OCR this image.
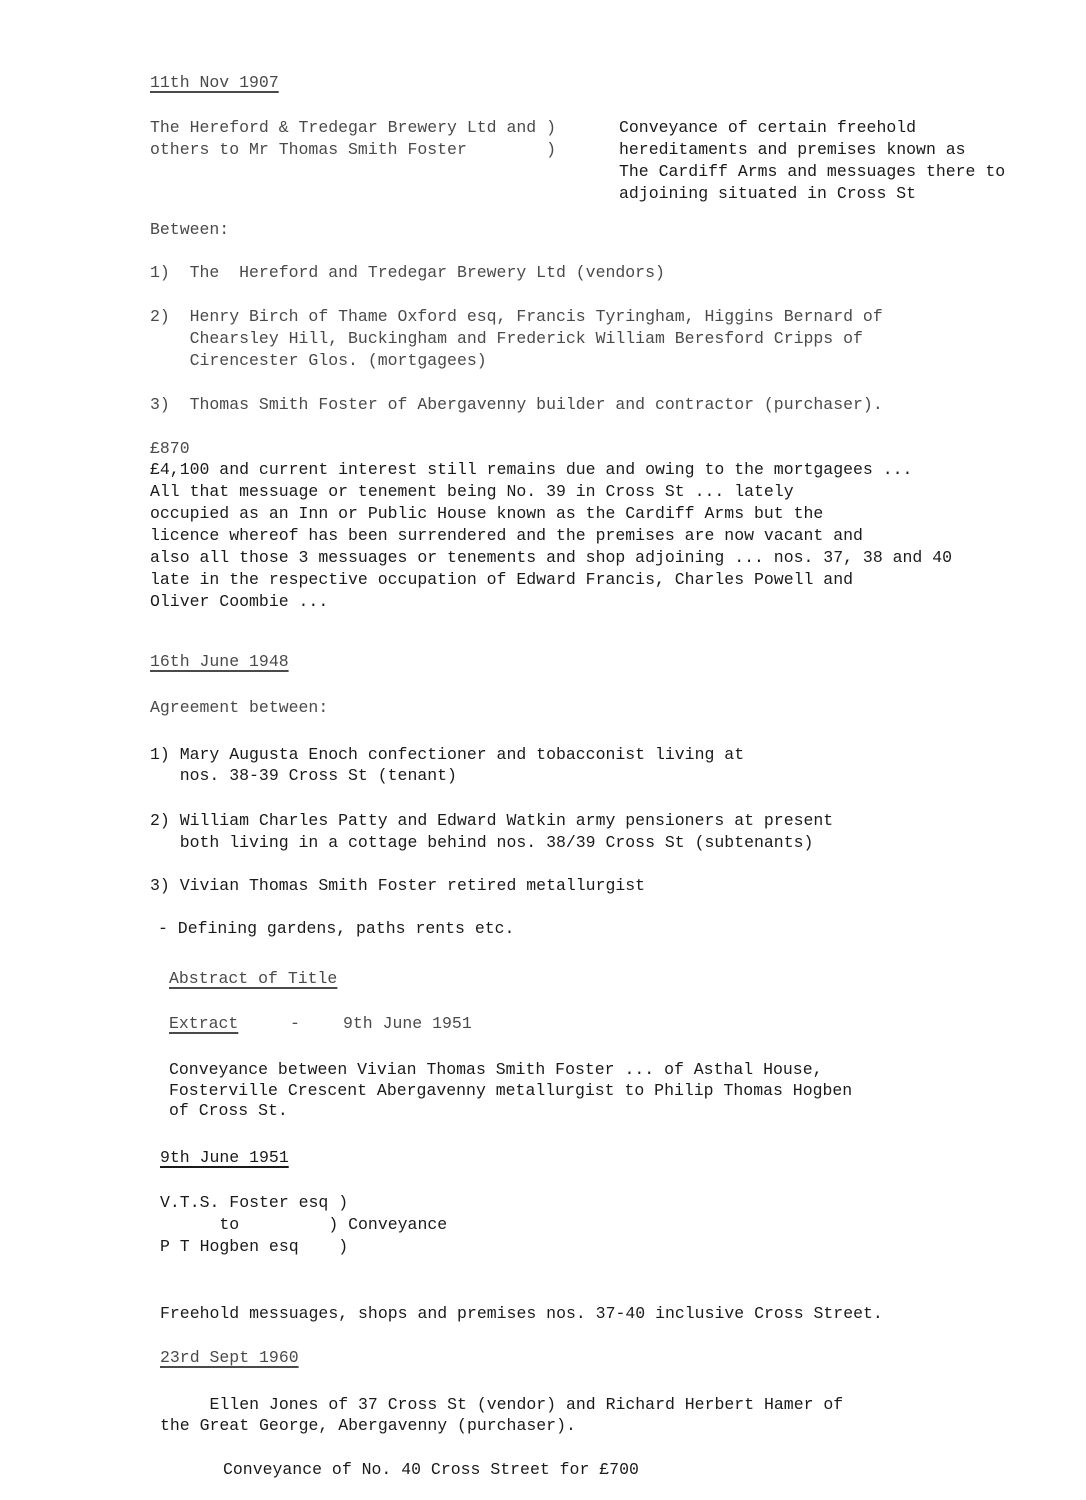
11th Nov 1907
The Hereford & Tredegar Brewery Ltd and )
others to Mr Thomas Smith Foster        )
Conveyance of certain freehold
hereditaments and premises known as
The Cardiff Arms and messuages there to
adjoining situated in Cross St
Between:
1)  The  Hereford and Tredegar Brewery Ltd (vendors)
2)  Henry Birch of Thame Oxford esq, Francis Tyringham, Higgins Bernard of
Chearsley Hill, Buckingham and Frederick William Beresford Cripps of
Cirencester Glos. (mortgagees)
3)  Thomas Smith Foster of Abergavenny builder and contractor (purchaser).
£870
£4,100 and current interest still remains due and owing to the mortgagees ...
All that messuage or tenement being No. 39 in Cross St ... lately
occupied as an Inn or Public House known as the Cardiff Arms but the
licence whereof has been surrendered and the premises are now vacant and
also all those 3 messuages or tenements and shop adjoining ... nos. 37, 38 and 40
late in the respective occupation of Edward Francis, Charles Powell and
Oliver Coombie ...
16th June 1948
Agreement between:
1) Mary Augusta Enoch confectioner and tobacconist living at
nos. 38-39 Cross St (tenant)
2) William Charles Patty and Edward Watkin army pensioners at present
both living in a cottage behind nos. 38/39 Cross St (subtenants)
3) Vivian Thomas Smith Foster retired metallurgist
- Defining gardens, paths rents etc.
Abstract of Title
Extract	-	9th June 1951
Conveyance between Vivian Thomas Smith Foster ... of Asthal House,
Fosterville Crescent Abergavenny metallurgist to Philip Thomas Hogben
of Cross St.
9th June 1951
V.T.S. Foster esq )
to         ) Conveyance
P T Hogben esq    )
Freehold messuages, shops and premises nos. 37-40 inclusive Cross Street.
23rd Sept 1960
Ellen Jones of 37 Cross St (vendor) and Richard Herbert Hamer of
the Great George, Abergavenny (purchaser).
Conveyance of No. 40 Cross Street for £700
